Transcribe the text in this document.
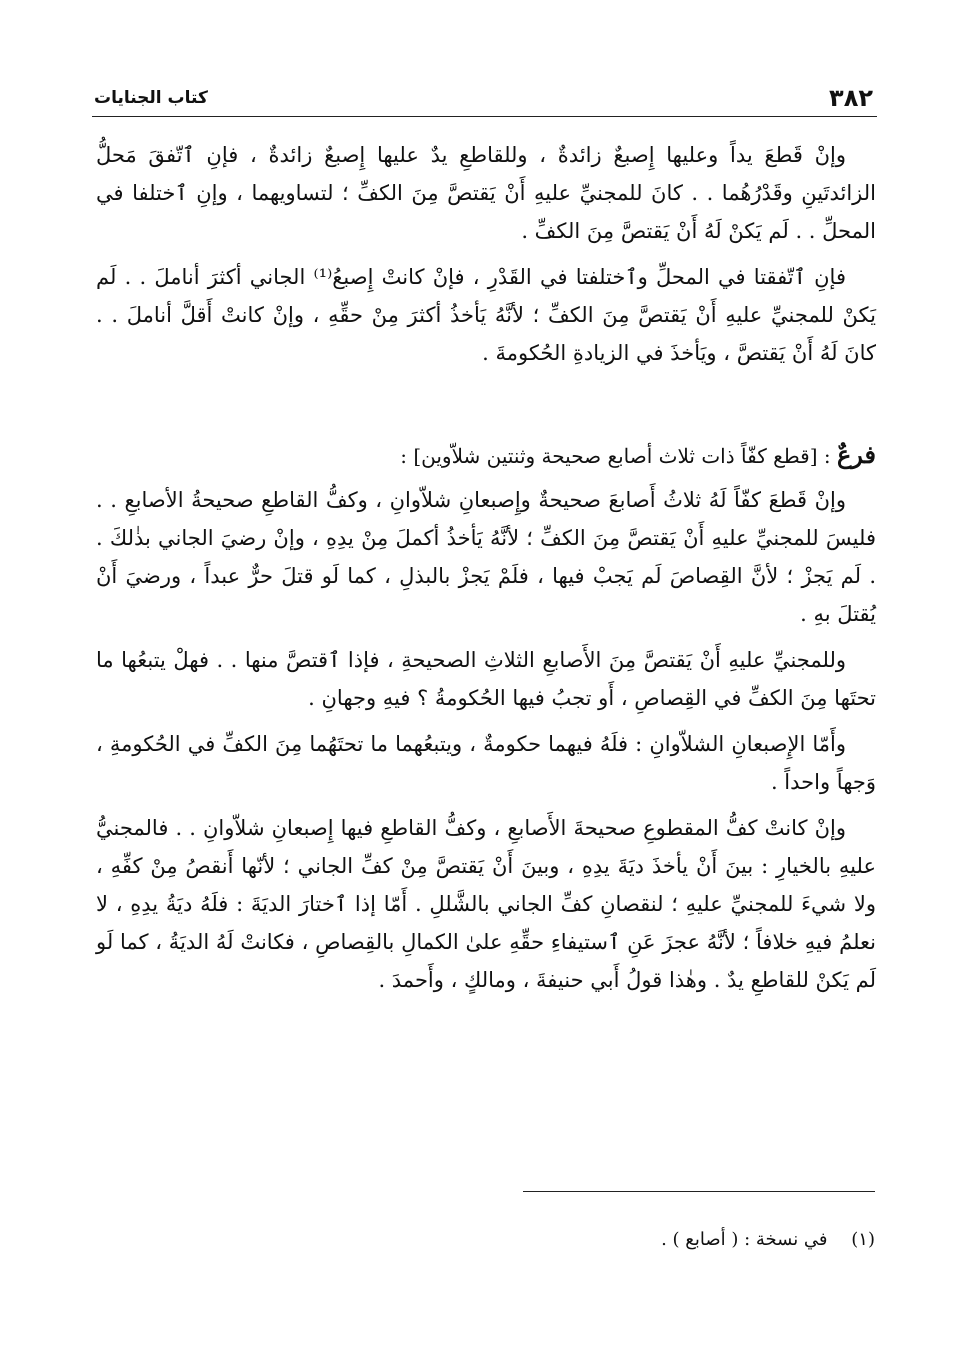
٣٨٢
كتاب الجنايات

وإنْ قَطعَ يداً وعليها إِصبعٌ زائدةٌ ، وللقاطعِ يدٌ عليها إِصبعٌ زائدةٌ ، فإنِ ٱتّفقَ مَحلُّ الزائدتَينِ وقَدْرُهُما . . كانَ للمجنيِّ عليهِ أَنْ يَقتصَّ مِنَ الكفِّ ؛ لتساويهما ، وإنِ ٱختلفا في المحلِّ . . لَم يَكنْ لَهُ أَنْ يَقتصَّ مِنَ الكفِّ .

فإنِ ٱتّفقتا في المحلِّ وٱختلفتا في القَدْرِ ، فإنْ كانتْ إِصبعُ⁽¹⁾ الجاني أكثرَ أناملَ . . لَم يَكنْ للمجنيِّ عليهِ أَنْ يَقتصَّ مِنَ الكفِّ ؛ لأنَّهُ يَأخذُ أكثرَ مِنْ حقِّهِ ، وإنْ كانتْ أَقلَّ أناملَ . . كانَ لَهُ أَنْ يَقتصَّ ، ويَأخذَ في الزيادةِ الحُكومةَ .

فرعٌ : [قطع كفّاً ذات ثلاث أصابع صحيحة وثنتين شلاّوين] :

وإنْ قَطعَ كفّاً لَهُ ثلاثُ أَصابعَ صحيحةٌ وإِصبعانِ شلاّوانِ ، وكفُّ القاطعِ صحيحةُ الأصابعِ . . فليسَ للمجنيِّ عليهِ أَنْ يَقتصَّ مِنَ الكفِّ ؛ لأنَّهُ يَأخذُ أكملَ مِنْ يدِهِ ، وإنْ رضيَ الجاني بذٰلكَ . . لَم يَجزْ ؛ لأنَّ القِصاصَ لَم يَجبْ فيها ، فلَمْ يَجزْ بالبذلِ ، كما لَو قتلَ حرٌّ عبداً ، ورضيَ أَنْ يُقتلَ بهِ .

وللمجنيِّ عليهِ أَنْ يَقتصَّ مِنَ الأَصابعِ الثلاثِ الصحيحةِ ، فإذا ٱقتصَّ منها . . فهلْ يتبعُها ما تحتَها مِنَ الكفِّ في القِصاصِ ، أَو تجبُ فيها الحُكومةُ ؟ فيهِ وجهانِ .

وأَمّا الإِصبعانِ الشلاّوانِ : فلَهُ فيهما حكومةٌ ، ويتبعُهما ما تحتَهُما مِنَ الكفِّ في الحُكومةِ ، وَجهاً واحداً .

وإنْ كانتْ كفُّ المقطوعِ صحيحةَ الأَصابعِ ، وكفُّ القاطعِ فيها إِصبعانِ شلاّوانِ . . فالمجنيُّ عليهِ بالخيارِ : بينَ أَنْ يأخذَ ديَةَ يدِهِ ، وبينَ أَنْ يَقتصَّ مِنْ كفِّ الجاني ؛ لأنّها أَنقصُ مِنْ كفِّهِ ، ولا شيءَ للمجنيِّ عليهِ ؛ لنقصانِ كفِّ الجاني بالشَّللِ . أَمّا إذا ٱختارَ الديَةَ : فلَهُ ديَةُ يدِهِ ، لا نعلمُ فيهِ خلافاً ؛ لأنَّهُ عجزَ عَنِ ٱستيفاءِ حقِّهِ علىٰ الكمالِ بالقِصاصِ ، فكانتْ لَهُ الديَةُ ، كما لَو لَم يَكنْ للقاطعِ يدٌ . وهٰذا قولُ أَبي حنيفةَ ، ومالكٍ ، وأَحمدَ .

(١) في نسخة : ( أصابع ) .
